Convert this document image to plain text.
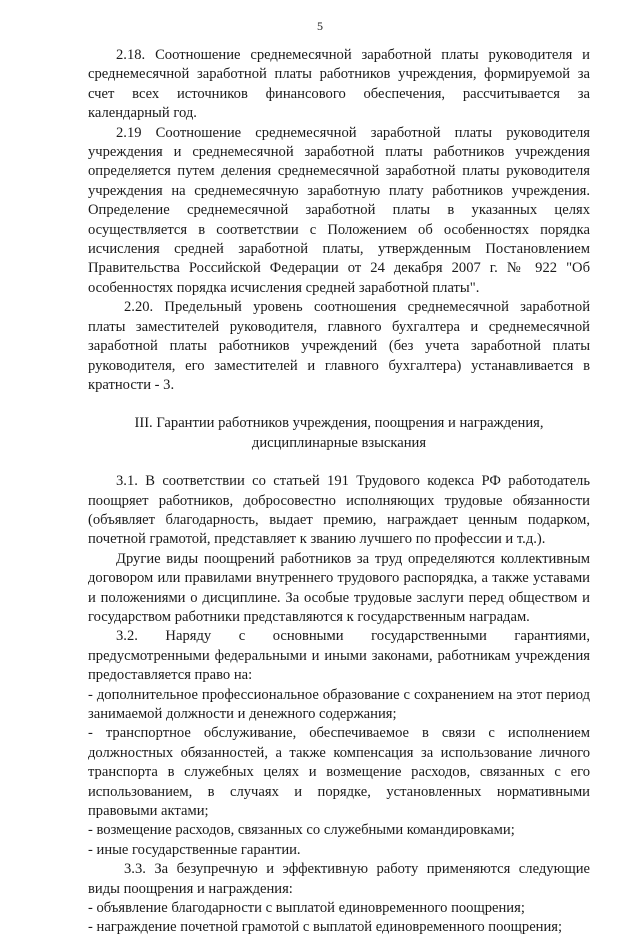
5

2.18. Соотношение среднемесячной заработной платы руководителя и среднемесячной заработной платы работников учреждения, формируемой за счет всех источников финансового обеспечения, рассчитывается за календарный год.

2.19 Соотношение среднемесячной заработной платы руководителя учреждения и среднемесячной заработной платы работников учреждения определяется путем деления среднемесячной заработной платы руководителя учреждения на среднемесячную заработную плату работников учреждения. Определение среднемесячной заработной платы в указанных целях осуществляется в соответствии с Положением об особенностях порядка исчисления средней заработной платы, утвержденным Постановлением Правительства Российской Федерации от 24 декабря 2007 г. № 922 "Об особенностях порядка исчисления средней заработной платы".

2.20. Предельный уровень соотношения среднемесячной заработной платы заместителей руководителя, главного бухгалтера и среднемесячной заработной платы работников учреждений (без учета заработной платы руководителя, его заместителей и главного бухгалтера) устанавливается в кратности - 3.

III. Гарантии работников учреждения, поощрения и награждения,
дисциплинарные взыскания

3.1. В соответствии со статьей 191 Трудового кодекса РФ работодатель поощряет работников, добросовестно исполняющих трудовые обязанности (объявляет благодарность, выдает премию, награждает ценным подарком, почетной грамотой, представляет к званию лучшего по профессии и т.д.).

Другие виды поощрений работников за труд определяются коллективным договором или правилами внутреннего трудового распорядка, а также уставами и положениями о дисциплине. За особые трудовые заслуги перед обществом и государством работники представляются к государственным наградам.

3.2. Наряду с основными государственными гарантиями, предусмотренными федеральными и иными законами, работникам учреждения предоставляется право на:

- дополнительное профессиональное образование с сохранением на этот период занимаемой должности и денежного содержания;

- транспортное обслуживание, обеспечиваемое в связи с исполнением должностных обязанностей, а также компенсация за использование личного транспорта в служебных целях и возмещение расходов, связанных с его использованием, в случаях и порядке, установленных нормативными правовыми актами;

- возмещение расходов, связанных со служебными командировками;

- иные государственные гарантии.

3.3. За безупречную и эффективную работу применяются следующие виды поощрения и награждения:

- объявление благодарности с выплатой единовременного поощрения;

- награждение почетной грамотой с выплатой единовременного поощрения;
